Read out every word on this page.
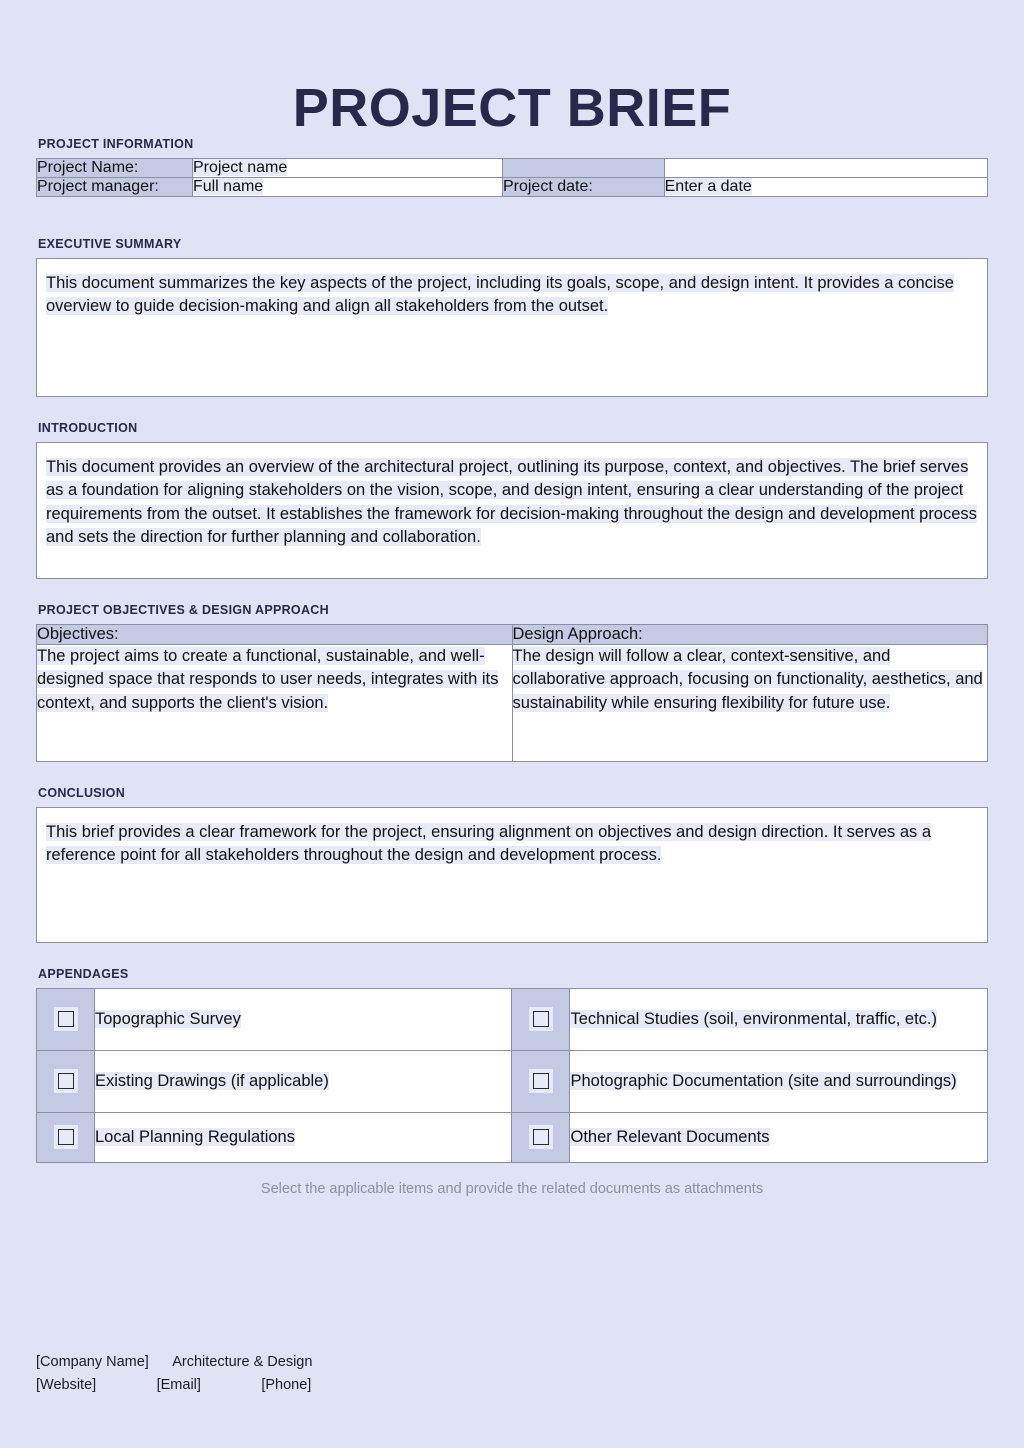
PROJECT BRIEF
PROJECT INFORMATION
Project Name:	Project name		
Project manager:	Full name	Project date:	Enter a date
EXECUTIVE SUMMARY

This document summarizes the key aspects of the project, including its goals, scope, and design intent. It provides a concise overview to guide decision-making and align all stakeholders from the outset.

INTRODUCTION

This document provides an overview of the architectural project, outlining its purpose, context, and objectives. The brief serves as a foundation for aligning stakeholders on the vision, scope, and design intent, ensuring a clear understanding of the project requirements from the outset. It establishes the framework for decision-making throughout the design and development process and sets the direction for further planning and collaboration.

PROJECT OBJECTIVES & DESIGN APPROACH
Objectives:	Design Approach:

The project aims to create a functional, sustainable, and well-designed space that responds to user needs, integrates with its context, and supports the client's vision.	The design will follow a clear, context-sensitive, and collaborative approach, focusing on functionality, aesthetics, and sustainability while ensuring flexibility for future use.

CONCLUSION

This brief provides a clear framework for the project, ensuring alignment on objectives and design direction. It serves as a reference point for all stakeholders throughout the design and development process.

APPENDAGES
	Topographic Survey		Technical Studies (soil, environmental, traffic, etc.)
	Existing Drawings (if applicable)		Photographic Documentation (site and surroundings)
	Local Planning Regulations		Other Relevant Documents
Select the applicable items and provide the related documents as attachments
[Company Name]      Architecture & Design
[Website]               [Email]               [Phone]
